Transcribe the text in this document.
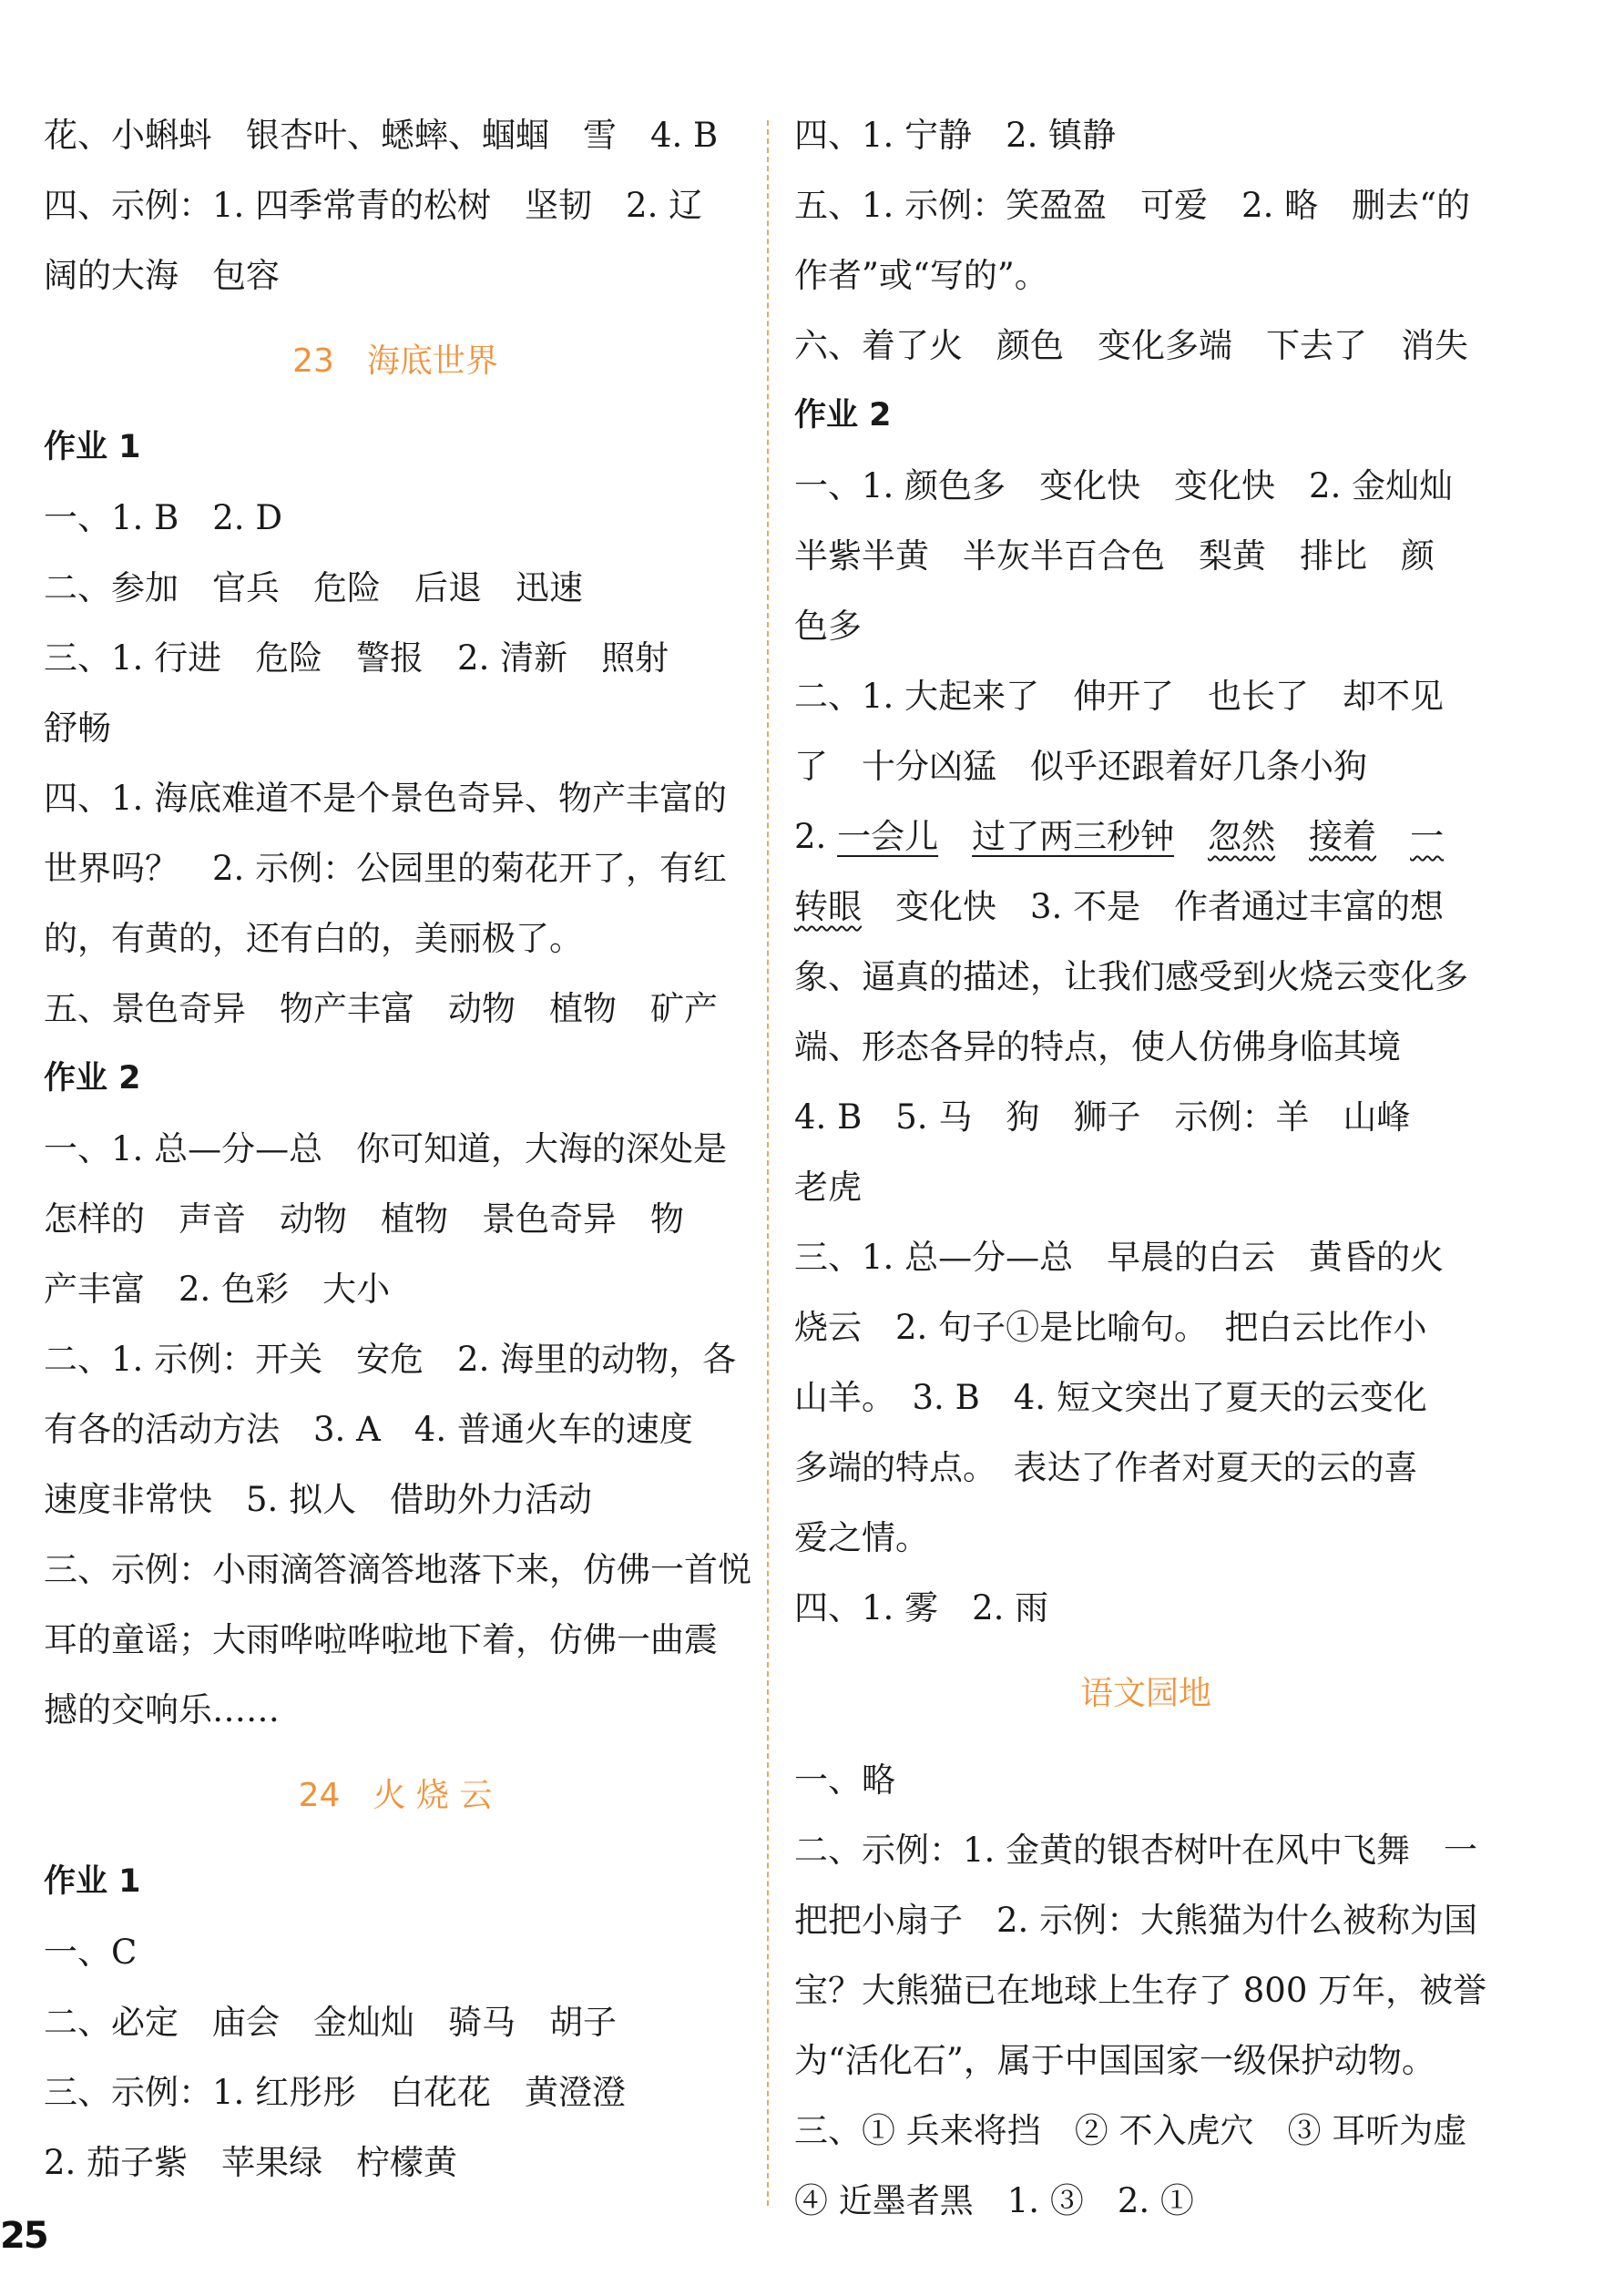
花、小蝌蚪　银杏叶、蟋蟀、蝈蝈　雪　4. B
四、示例：1. 四季常青的松树　坚韧　2. 辽
阔的大海　包容
23　海底世界
作业 1
一、1. B　2. D
二、参加　官兵　危险　后退　迅速
三、1. 行进　危险　警报　2. 清新　照射
舒畅
四、1. 海底难道不是个景色奇异、物产丰富的
世界吗？　2. 示例：公园里的菊花开了，有红
的，有黄的，还有白的，美丽极了。
五、景色奇异　物产丰富　动物　植物　矿产
作业 2
一、1. 总—分—总　你可知道，大海的深处是
怎样的　声音　动物　植物　景色奇异　物
产丰富　2. 色彩　大小
二、1. 示例：开关　安危　2. 海里的动物，各
有各的活动方法　3. A　4. 普通火车的速度
速度非常快　5. 拟人　借助外力活动
三、示例：小雨滴答滴答地落下来，仿佛一首悦
耳的童谣；大雨哗啦哗啦地下着，仿佛一曲震
撼的交响乐……
24　火 烧 云
作业 1
一、C
二、必定　庙会　金灿灿　骑马　胡子
三、示例：1. 红彤彤　白花花　黄澄澄
2. 茄子紫　苹果绿　柠檬黄
四、1. 宁静　2. 镇静
五、1. 示例：笑盈盈　可爱　2. 略　删去“的
作者”或“写的”。
六、着了火　颜色　变化多端　下去了　消失
作业 2
一、1. 颜色多　变化快　变化快　2. 金灿灿
半紫半黄　半灰半百合色　梨黄　排比　颜
色多
二、1. 大起来了　伸开了　也长了　却不见
了　十分凶猛　似乎还跟着好几条小狗
2. 一会儿　 过了两三秒钟　 忽然　 接着　 一
转眼　变化快　3. 不是　作者通过丰富的想
象、逼真的描述，让我们感受到火烧云变化多
端、形态各异的特点，使人仿佛身临其境
4. B　5. 马　狗　狮子　示例：羊　山峰
老虎
三、1. 总—分—总　早晨的白云　黄昏的火
烧云　2. 句子①是比喻句。　把白云比作小
山羊。　3. B　4. 短文突出了夏天的云变化
多端的特点。　表达了作者对夏天的云的喜
爱之情。
四、1. 雾　2. 雨
语文园地
一、略
二、示例：1. 金黄的银杏树叶在风中飞舞　一
把把小扇子　2. 示例：大熊猫为什么被称为国
宝？大熊猫已在地球上生存了 800 万年，被誉
为“活化石”，属于中国国家一级保护动物。
三、① 兵来将挡　② 不入虎穴　③ 耳听为虚
④ 近墨者黑　1. ③　2. ①
25
